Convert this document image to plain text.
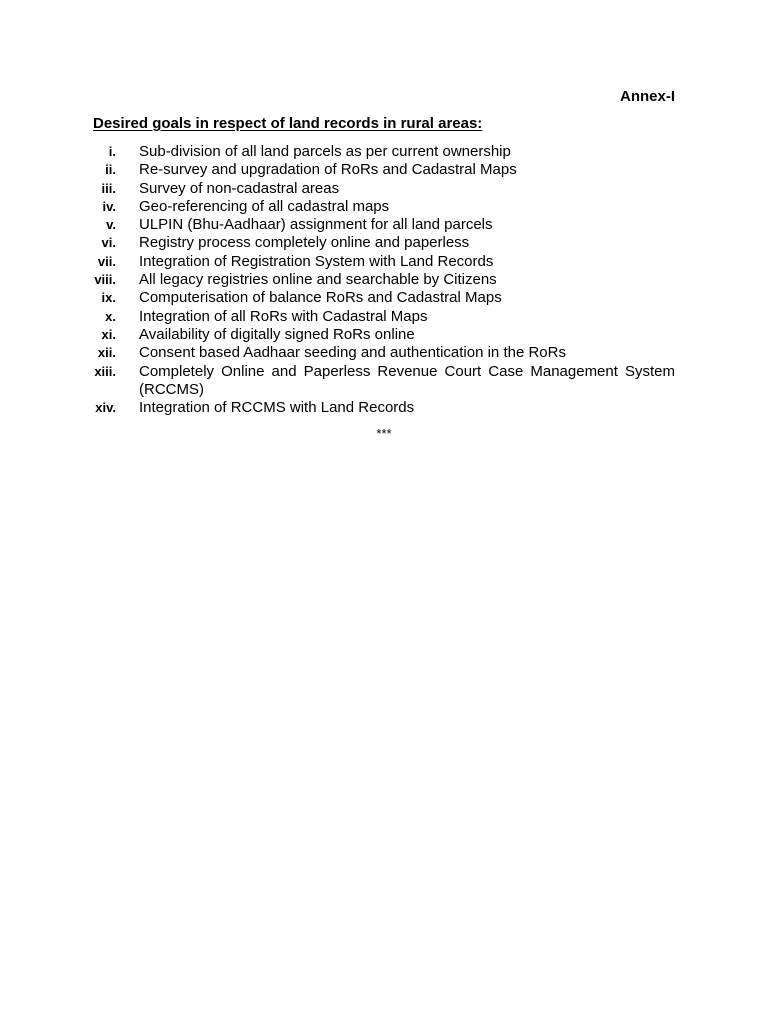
Annex-I
Desired goals in respect of land records in rural areas:
i. Sub-division of all land parcels as per current ownership
ii. Re-survey and upgradation of RoRs and Cadastral Maps
iii. Survey of non-cadastral areas
iv. Geo-referencing of all cadastral maps
v. ULPIN (Bhu-Aadhaar) assignment for all land parcels
vi. Registry process completely online and paperless
vii. Integration of Registration System with Land Records
viii. All legacy registries online and searchable by Citizens
ix. Computerisation of balance RoRs and Cadastral Maps
x. Integration of all RoRs with Cadastral Maps
xi. Availability of digitally signed RoRs online
xii. Consent based Aadhaar seeding and authentication in the RoRs
xiii. Completely Online and Paperless Revenue Court Case Management System (RCCMS)
xiv. Integration of RCCMS with Land Records
***
